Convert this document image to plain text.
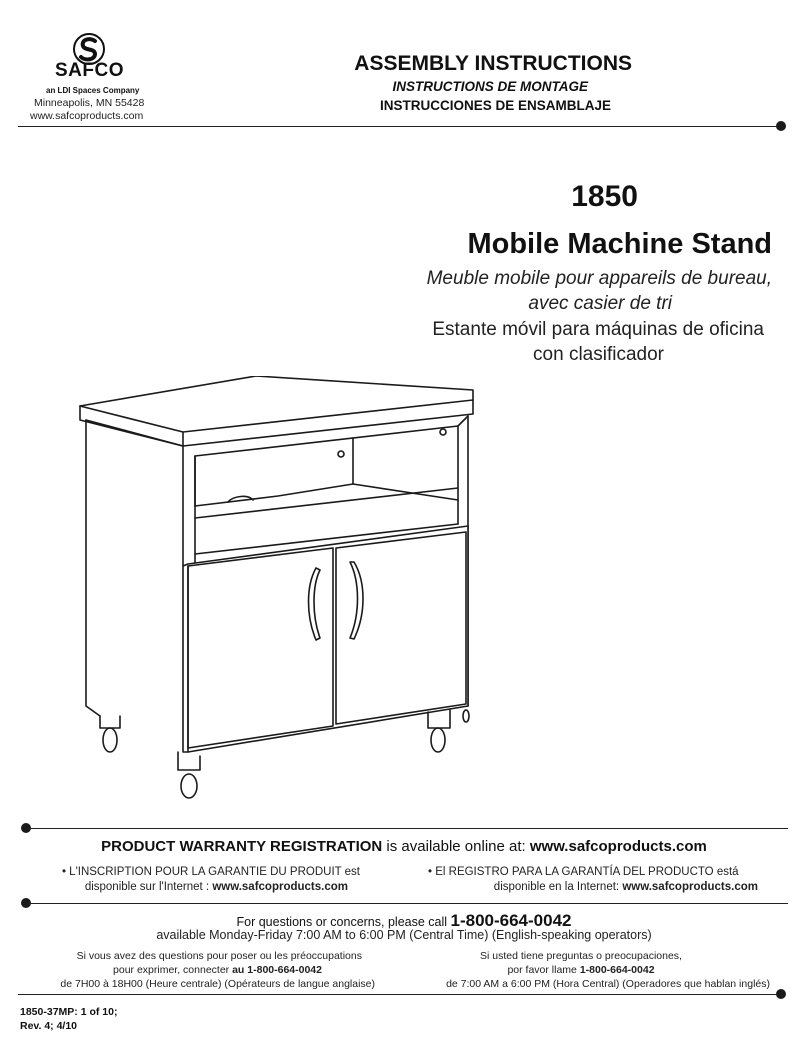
SAFCO
an LDI Spaces Company
Minneapolis, MN 55428
www.safcoproducts.com
ASSEMBLY INSTRUCTIONS
INSTRUCTIONS DE MONTAGE
INSTRUCCIONES DE ENSAMBLAJE
1850
Mobile Machine Stand
Meuble mobile pour appareils de bureau,
avec casier de tri
Estante móvil para máquinas de oficina
con clasificador
PRODUCT WARRANTY REGISTRATION is available online at: www.safcoproducts.com
• L'INSCRIPTION POUR LA GARANTIE DU PRODUIT est
disponible sur l'Internet : www.safcoproducts.com
• El REGISTRO PARA LA GARANTÍA DEL PRODUCTO está
disponible en la Internet: www.safcoproducts.com
For questions or concerns, please call 1-800-664-0042
available Monday-Friday 7:00 AM to 6:00 PM (Central Time) (English-speaking operators)
Si vous avez des questions pour poser ou les préoccupations
pour exprimer, connecter au 1-800-664-0042
de 7H00 à 18H00 (Heure centrale) (Opérateurs de langue anglaise)
Si usted tiene preguntas o preocupaciones,
por favor llame 1-800-664-0042
de 7:00 AM a 6:00 PM (Hora Central) (Operadores que hablan inglés)
1850-37MP: 1 of 10;
Rev. 4; 4/10
